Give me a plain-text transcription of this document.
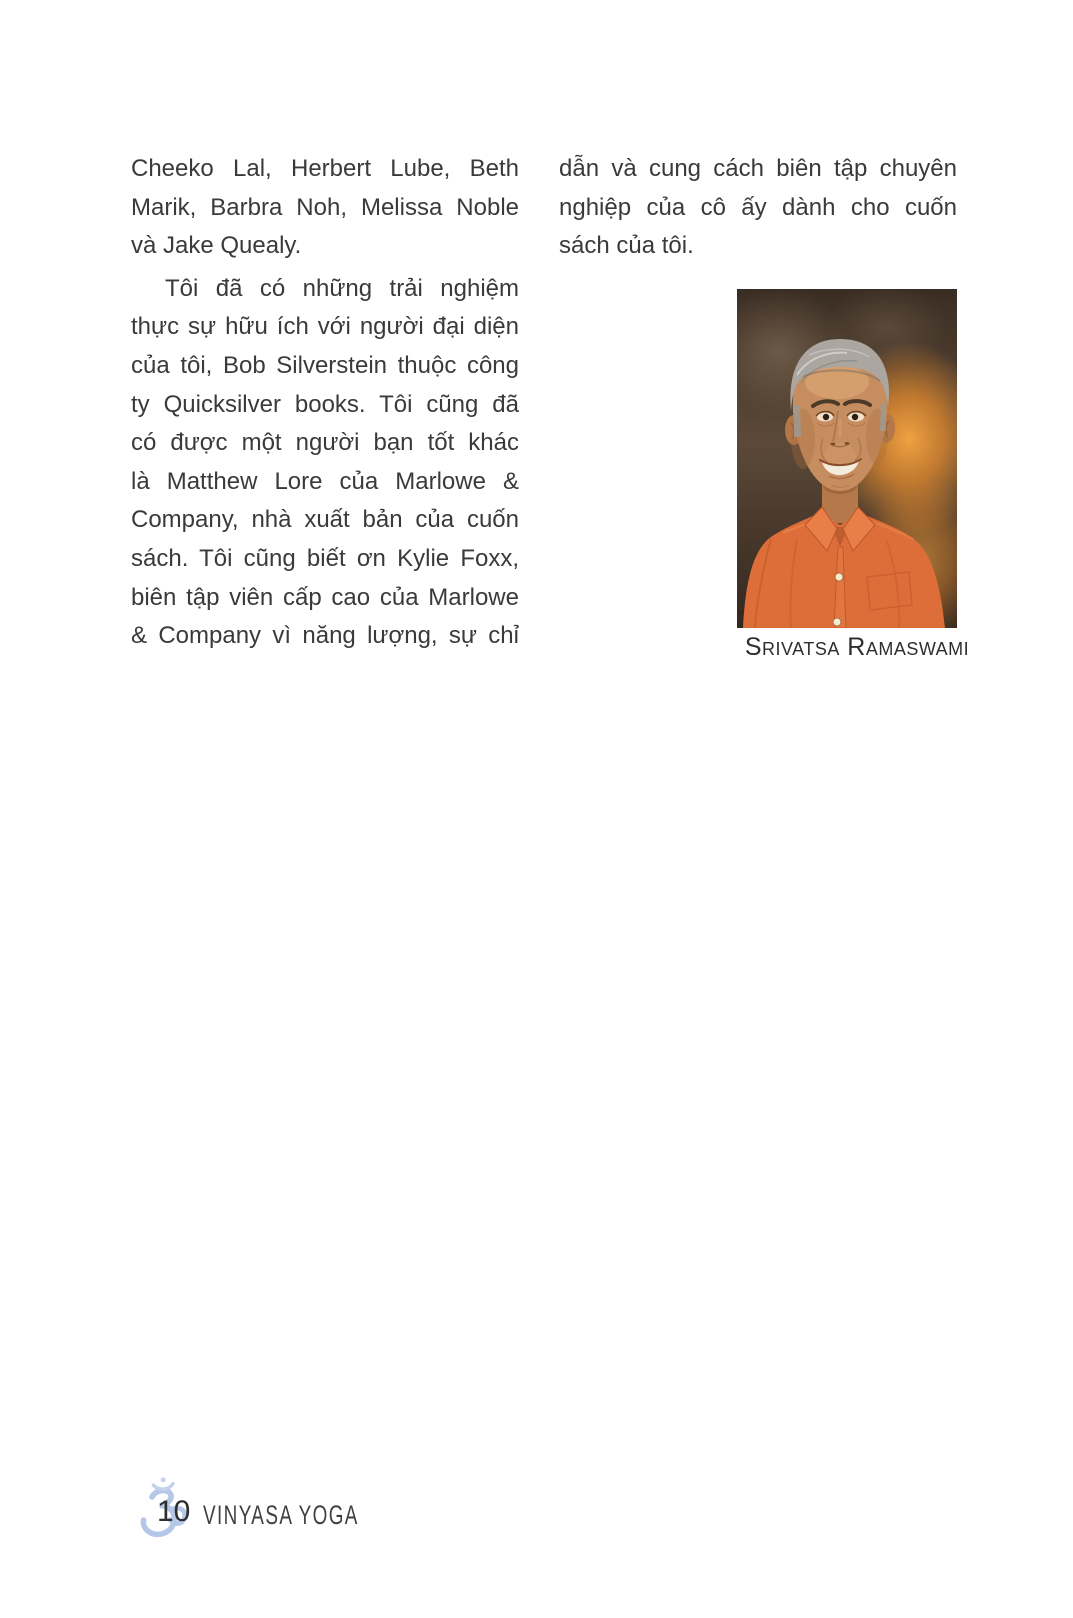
Cheeko Lal, Herbert Lube, Beth
Marik, Barbra Noh, Melissa Noble
và Jake Quealy.
Tôi đã có những trải nghiệm
thực sự hữu ích với người đại diện
của tôi, Bob Silverstein thuộc công
ty Quicksilver books. Tôi cũng đã
có được một người bạn tốt khác
là Matthew Lore của Marlowe &
Company, nhà xuất bản của cuốn
sách. Tôi cũng biết ơn Kylie Foxx,
biên tập viên cấp cao của Marlowe
& Company vì năng lượng, sự chỉ
dẫn và cung cách biên tập chuyên
nghiệp của cô ấy dành cho cuốn
sách của tôi.
Srivatsa Ramaswami
10 VINYASA YOGA
